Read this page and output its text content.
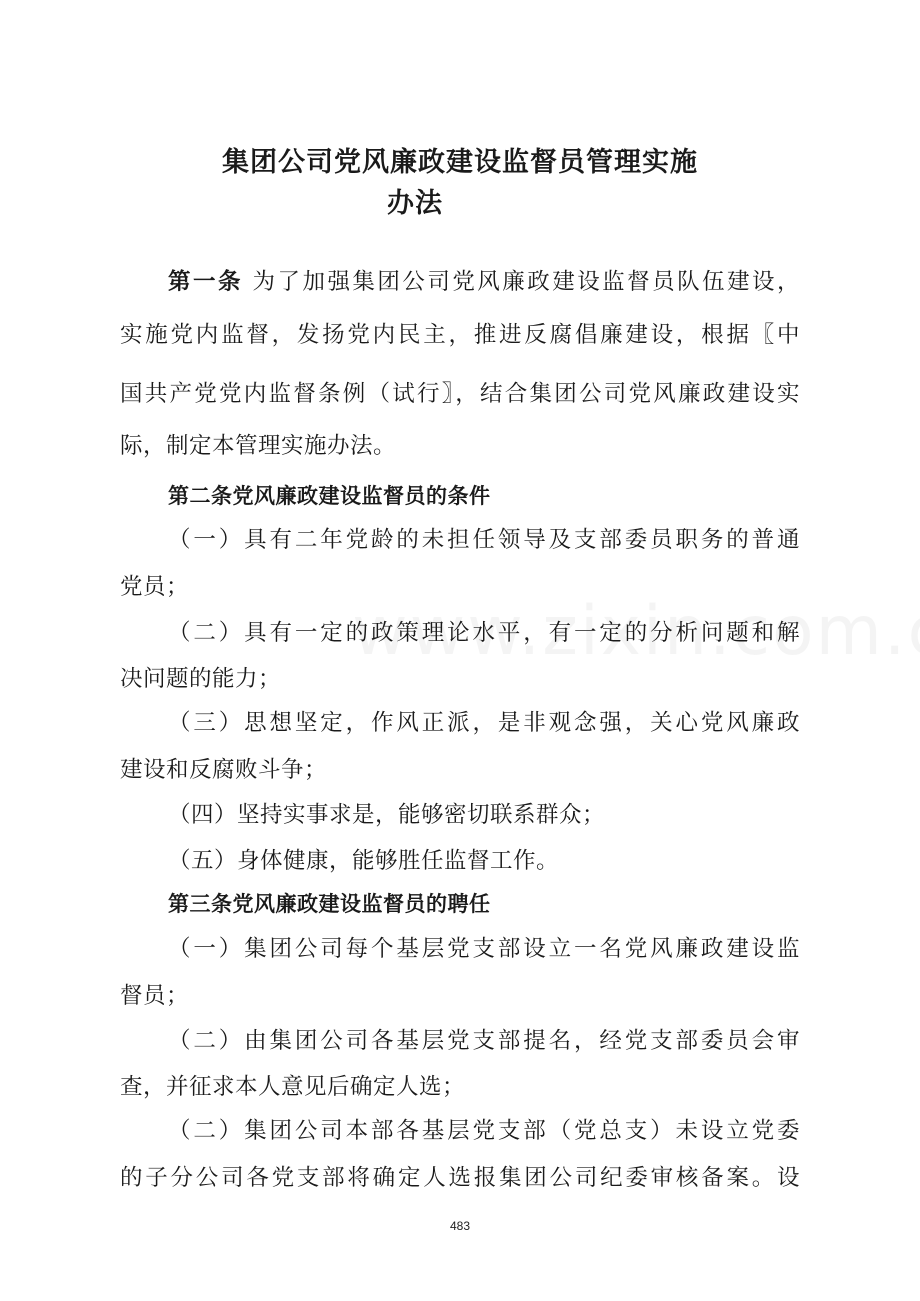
集团公司党风廉政建设监督员管理实施
办法
第一条 为了加强集团公司党风廉政建设监督员队伍建设，
实施党内监督，发扬党内民主，推进反腐倡廉建设，根据〖中
国共产党党内监督条例（试行〗，结合集团公司党风廉政建设实
际，制定本管理实施办法。
第二条党风廉政建设监督员的条件
（一）具有二年党龄的未担任领导及支部委员职务的普通
党员；
（二）具有一定的政策理论水平，有一定的分析问题和解
决问题的能力；
（三）思想坚定，作风正派，是非观念强，关心党风廉政
建设和反腐败斗争；
（四）坚持实事求是，能够密切联系群众；
（五）身体健康，能够胜任监督工作。
第三条党风廉政建设监督员的聘任
（一）集团公司每个基层党支部设立一名党风廉政建设监
督员；
（二）由集团公司各基层党支部提名，经党支部委员会审
查，并征求本人意见后确定人选；
（二）集团公司本部各基层党支部（党总支）未设立党委
的子分公司各党支部将确定人选报集团公司纪委审核备案。设
483
